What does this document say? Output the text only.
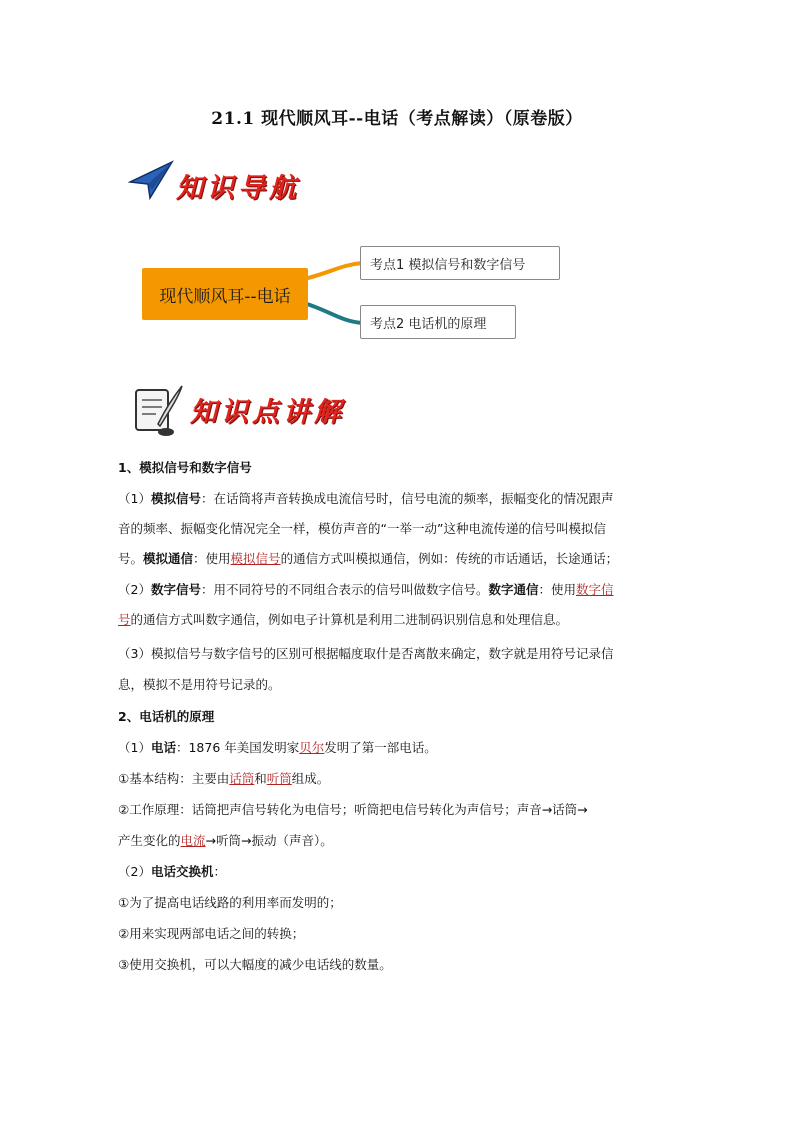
21.1 现代顺风耳--电话（考点解读）（原卷版）
知识导航
现代顺风耳--电话
考点1 模拟信号和数字信号
考点2 电话机的原理
知识点讲解
1、模拟信号和数字信号
（1）模拟信号：在话筒将声音转换成电流信号时，信号电流的频率，振幅变化的情况跟声
音的频率、振幅变化情况完全一样，模仿声音的“一举一动”这种电流传递的信号叫模拟信
号。模拟通信：使用模拟信号的通信方式叫模拟通信，例如：传统的市话通话，长途通话；
（2）数字信号：用不同符号的不同组合表示的信号叫做数字信号。数字通信：使用数字信
号的通信方式叫数字通信，例如电子计算机是利用二进制码识别信息和处理信息。
（3）模拟信号与数字信号的区别可根据幅度取什是否离散来确定，数字就是用符号记录信
息，模拟不是用符号记录的。
2、电话机的原理
（1）电话：1876 年美国发明家贝尔发明了第一部电话。
①基本结构：主要由话筒和听筒组成。
②工作原理：话筒把声信号转化为电信号；听筒把电信号转化为声信号；声音→话筒→
产生变化的电流→听筒→振动（声音）。
（2）电话交换机：
①为了提高电话线路的利用率而发明的；
②用来实现两部电话之间的转换；
③使用交换机，可以大幅度的减少电话线的数量。
